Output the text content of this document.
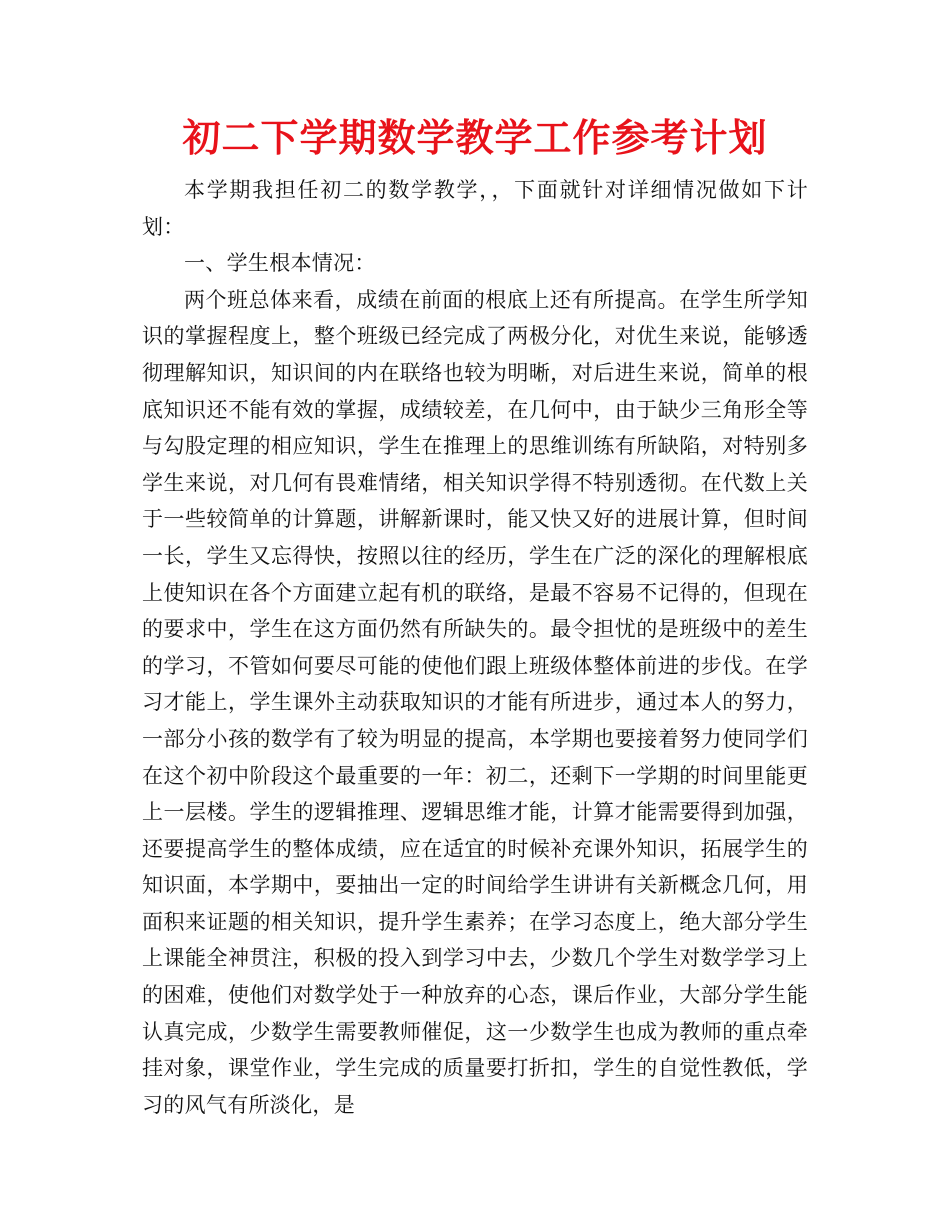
初二下学期数学教学工作参考计划

本学期我担任初二的数学教学，，下面就针对详细情况做如下计划：

一、学生根本情况：

两个班总体来看，成绩在前面的根底上还有所提高。在学生所学知识的掌握程度上，整个班级已经完成了两极分化，对优生来说，能够透彻理解知识，知识间的内在联络也较为明晰，对后进生来说，简单的根底知识还不能有效的掌握，成绩较差，在几何中，由于缺少三角形全等与勾股定理的相应知识，学生在推理上的思维训练有所缺陷，对特别多学生来说，对几何有畏难情绪，相关知识学得不特别透彻。在代数上关于一些较简单的计算题，讲解新课时，能又快又好的进展计算，但时间一长，学生又忘得快，按照以往的经历，学生在广泛的深化的理解根底上使知识在各个方面建立起有机的联络，是最不容易不记得的，但现在的要求中，学生在这方面仍然有所缺失的。最令担忧的是班级中的差生的学习，不管如何要尽可能的使他们跟上班级体整体前进的步伐。在学习才能上，学生课外主动获取知识的才能有所进步，通过本人的努力，一部分小孩的数学有了较为明显的提高，本学期也要接着努力使同学们在这个初中阶段这个最重要的一年：初二，还剩下一学期的时间里能更上一层楼。学生的逻辑推理、逻辑思维才能，计算才能需要得到加强，还要提高学生的整体成绩，应在适宜的时候补充课外知识，拓展学生的知识面，本学期中，要抽出一定的时间给学生讲讲有关新概念几何，用面积来证题的相关知识，提升学生素养；在学习态度上，绝大部分学生上课能全神贯注，积极的投入到学习中去，少数几个学生对数学学习上的困难，使他们对数学处于一种放弃的心态，课后作业，大部分学生能认真完成，少数学生需要教师催促，这一少数学生也成为教师的重点牵挂对象，课堂作业，学生完成的质量要打折扣，学生的自觉性教低，学习的风气有所淡化，是
